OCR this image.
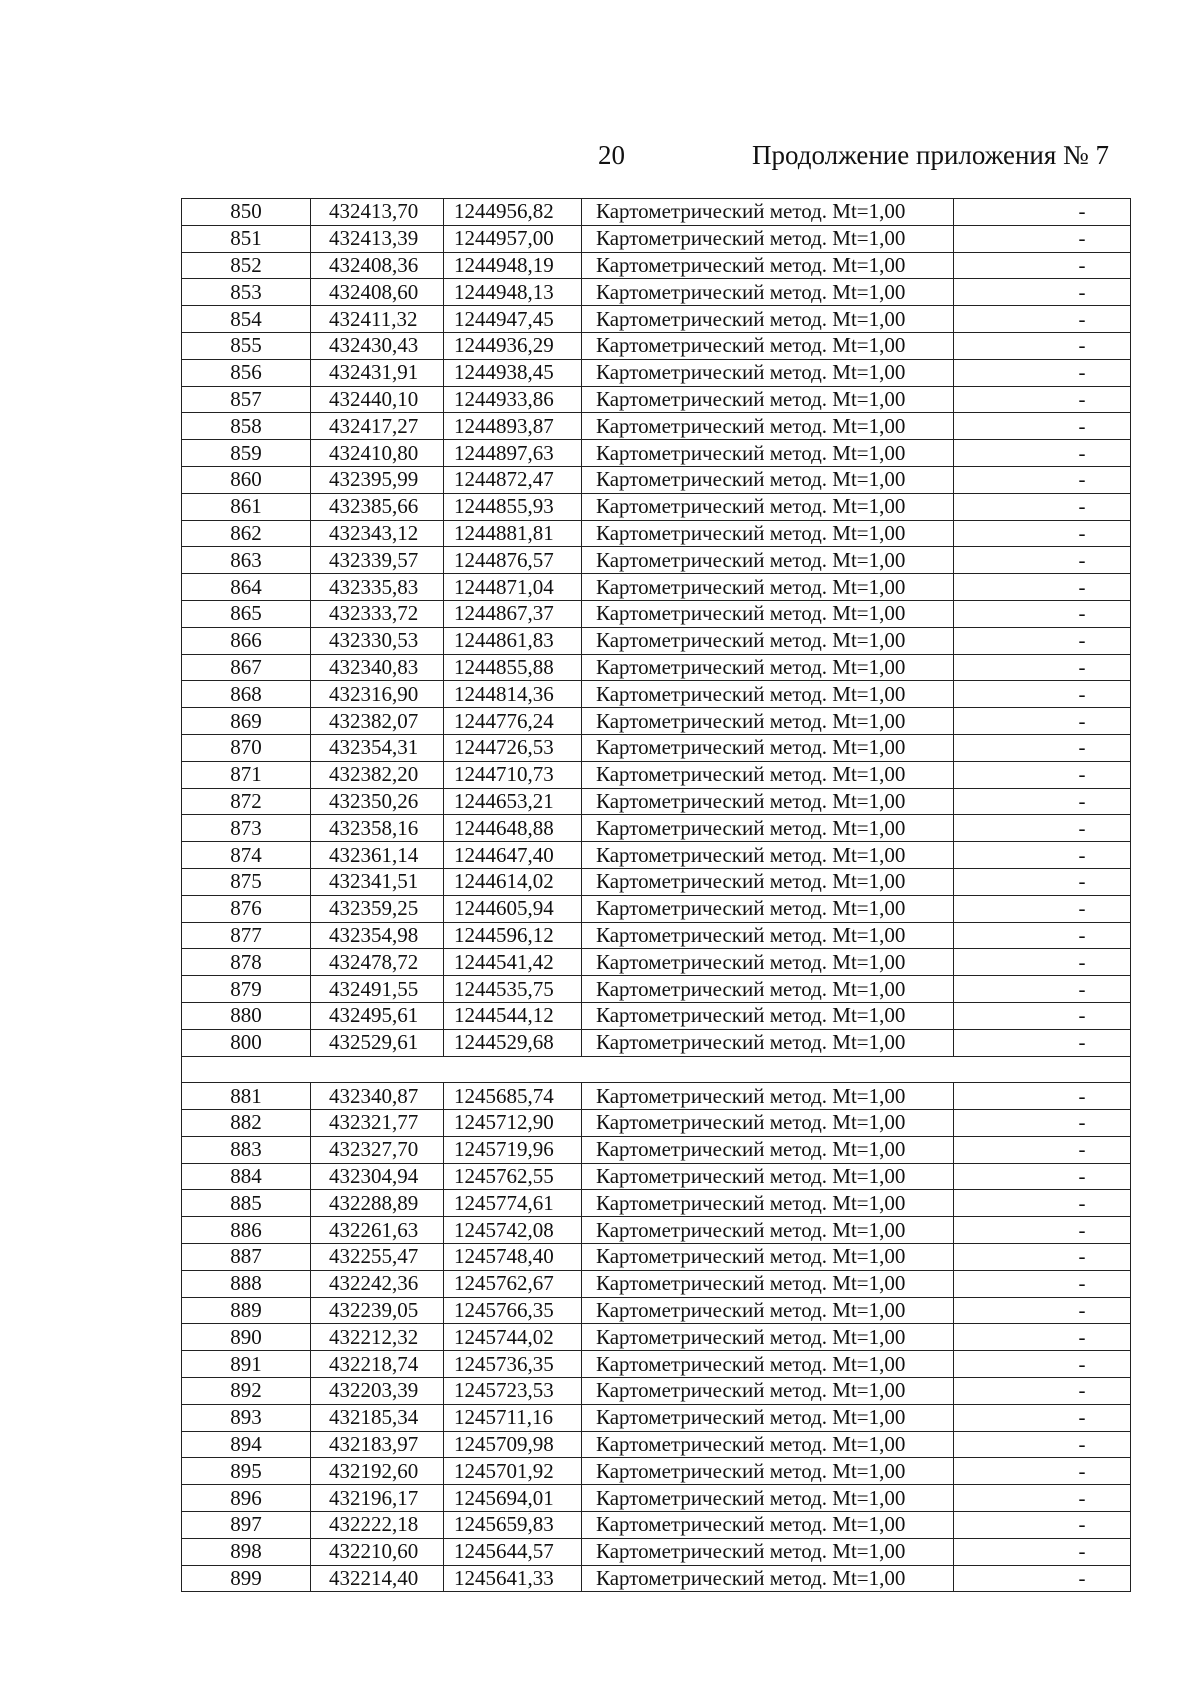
20	Продолжение приложения № 7
850	432413,70	1244956,82	Картометрический метод. Mt=1,00	-
851	432413,39	1244957,00	Картометрический метод. Mt=1,00	-
852	432408,36	1244948,19	Картометрический метод. Mt=1,00	-
853	432408,60	1244948,13	Картометрический метод. Mt=1,00	-
854	432411,32	1244947,45	Картометрический метод. Mt=1,00	-
855	432430,43	1244936,29	Картометрический метод. Mt=1,00	-
856	432431,91	1244938,45	Картометрический метод. Mt=1,00	-
857	432440,10	1244933,86	Картометрический метод. Mt=1,00	-
858	432417,27	1244893,87	Картометрический метод. Mt=1,00	-
859	432410,80	1244897,63	Картометрический метод. Mt=1,00	-
860	432395,99	1244872,47	Картометрический метод. Mt=1,00	-
861	432385,66	1244855,93	Картометрический метод. Mt=1,00	-
862	432343,12	1244881,81	Картометрический метод. Mt=1,00	-
863	432339,57	1244876,57	Картометрический метод. Mt=1,00	-
864	432335,83	1244871,04	Картометрический метод. Mt=1,00	-
865	432333,72	1244867,37	Картометрический метод. Mt=1,00	-
866	432330,53	1244861,83	Картометрический метод. Mt=1,00	-
867	432340,83	1244855,88	Картометрический метод. Mt=1,00	-
868	432316,90	1244814,36	Картометрический метод. Mt=1,00	-
869	432382,07	1244776,24	Картометрический метод. Mt=1,00	-
870	432354,31	1244726,53	Картометрический метод. Mt=1,00	-
871	432382,20	1244710,73	Картометрический метод. Mt=1,00	-
872	432350,26	1244653,21	Картометрический метод. Mt=1,00	-
873	432358,16	1244648,88	Картометрический метод. Mt=1,00	-
874	432361,14	1244647,40	Картометрический метод. Mt=1,00	-
875	432341,51	1244614,02	Картометрический метод. Mt=1,00	-
876	432359,25	1244605,94	Картометрический метод. Mt=1,00	-
877	432354,98	1244596,12	Картометрический метод. Mt=1,00	-
878	432478,72	1244541,42	Картометрический метод. Mt=1,00	-
879	432491,55	1244535,75	Картометрический метод. Mt=1,00	-
880	432495,61	1244544,12	Картометрический метод. Mt=1,00	-
800	432529,61	1244529,68	Картометрический метод. Mt=1,00	-

881	432340,87	1245685,74	Картометрический метод. Mt=1,00	-
882	432321,77	1245712,90	Картометрический метод. Mt=1,00	-
883	432327,70	1245719,96	Картометрический метод. Mt=1,00	-
884	432304,94	1245762,55	Картометрический метод. Mt=1,00	-
885	432288,89	1245774,61	Картометрический метод. Mt=1,00	-
886	432261,63	1245742,08	Картометрический метод. Mt=1,00	-
887	432255,47	1245748,40	Картометрический метод. Mt=1,00	-
888	432242,36	1245762,67	Картометрический метод. Mt=1,00	-
889	432239,05	1245766,35	Картометрический метод. Mt=1,00	-
890	432212,32	1245744,02	Картометрический метод. Mt=1,00	-
891	432218,74	1245736,35	Картометрический метод. Mt=1,00	-
892	432203,39	1245723,53	Картометрический метод. Mt=1,00	-
893	432185,34	1245711,16	Картометрический метод. Mt=1,00	-
894	432183,97	1245709,98	Картометрический метод. Mt=1,00	-
895	432192,60	1245701,92	Картометрический метод. Mt=1,00	-
896	432196,17	1245694,01	Картометрический метод. Mt=1,00	-
897	432222,18	1245659,83	Картометрический метод. Mt=1,00	-
898	432210,60	1245644,57	Картометрический метод. Mt=1,00	-
899	432214,40	1245641,33	Картометрический метод. Mt=1,00	-
